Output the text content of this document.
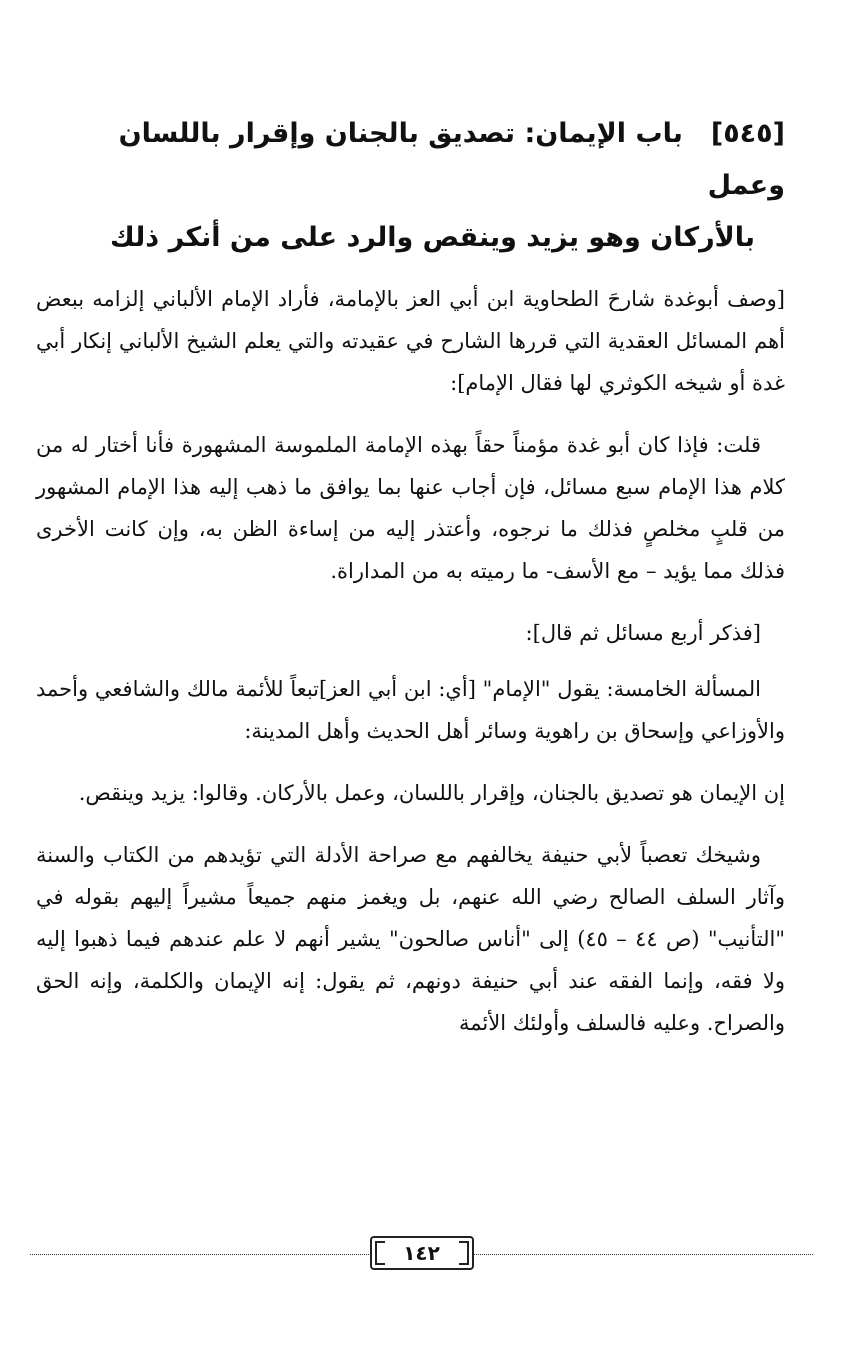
[٥٤٥]باب الإيمان: تصديق بالجنان وإقرار باللسان وعمل
بالأركان وهو يزيد وينقص والرد على من أنكر ذلك

[وصف أبوغدة شارحَ الطحاوية ابن أبي العز بالإمامة، فأراد الإمام الألباني إلزامه ببعض أهم المسائل العقدية التي قررها الشارح في عقيدته والتي يعلم الشيخ الألباني إنكار أبي غدة أو شيخه الكوثري لها فقال الإمام]:

قلت: فإذا كان أبو غدة مؤمناً حقاً بهذه الإمامة الملموسة المشهورة فأنا أختار له من كلام هذا الإمام سبع مسائل، فإن أجاب عنها بما يوافق ما ذهب إليه هذا الإمام المشهور من قلبٍ مخلصٍ فذلك ما نرجوه، وأعتذر إليه من إساءة الظن به، وإن كانت الأخرى فذلك مما يؤيد – مع الأسف- ما رميته به من المداراة.

[فذكر أربع مسائل ثم قال]:

المسألة الخامسة: يقول "الإمام" [أي: ابن أبي العز]تبعاً للأئمة مالك والشافعي وأحمد والأوزاعي وإسحاق بن راهوية وسائر أهل الحديث وأهل المدينة:

إن الإيمان هو تصديق بالجنان، وإقرار باللسان، وعمل بالأركان. وقالوا: يزيد وينقص.

وشيخك تعصباً لأبي حنيفة يخالفهم مع صراحة الأدلة التي تؤيدهم من الكتاب والسنة وآثار السلف الصالح رضي الله عنهم، بل ويغمز منهم جميعاً مشيراً إليهم بقوله في "التأنيب" (ص ٤٤ – ٤٥) إلى "أناس صالحون" يشير أنهم لا علم عندهم فيما ذهبوا إليه ولا فقه، وإنما الفقه عند أبي حنيفة دونهم، ثم يقول: إنه الإيمان والكلمة، وإنه الحق والصراح. وعليه فالسلف وأولئك الأئمة

١٤٢
